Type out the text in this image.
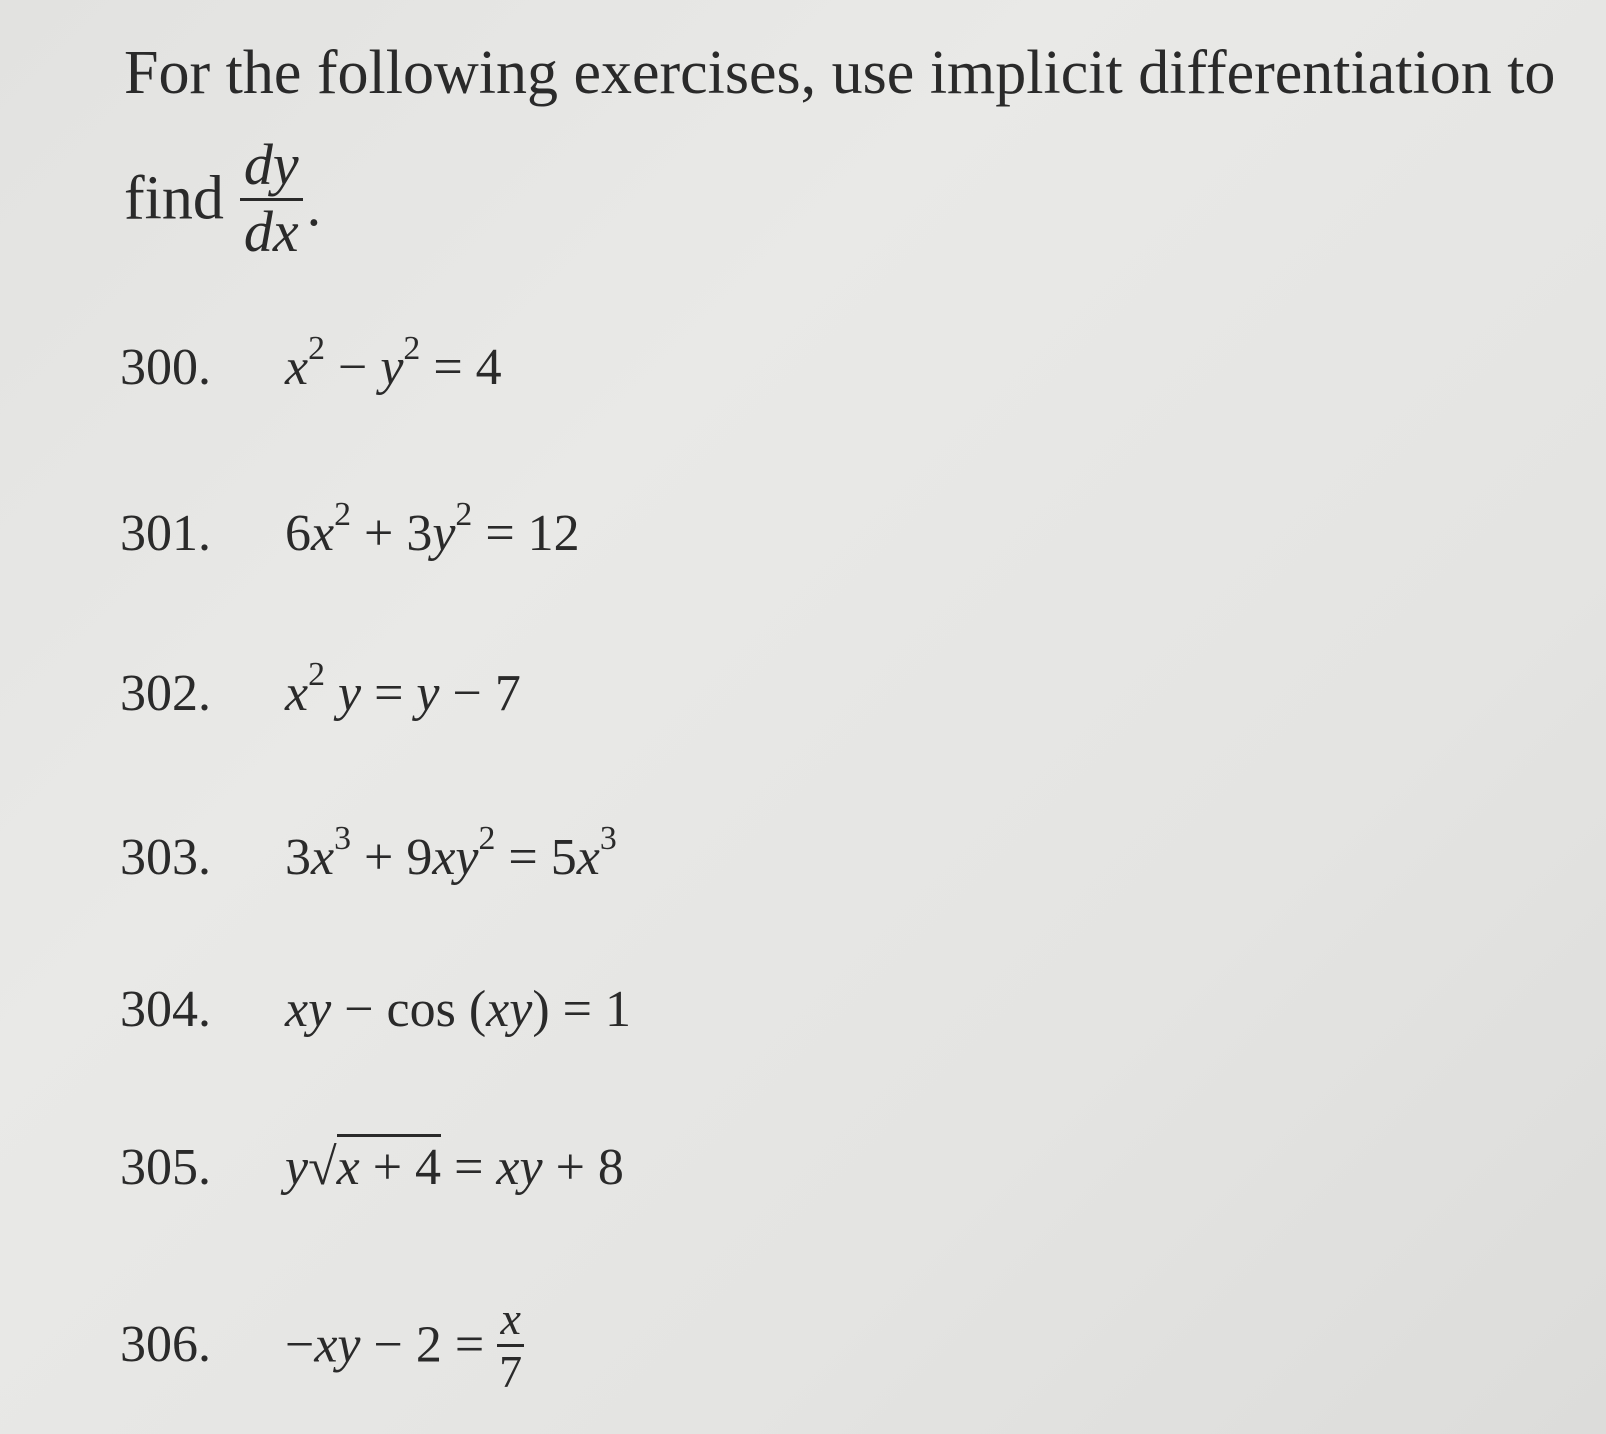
For the following exercises, use implicit differentiation to
find $\frac{dy}{dx}$ .
300. $x^2 - y^2 = 4$
301. $6x^2 + 3y^2 = 12$
302. $x^2$ y = y − 7
303. $3x^3 + 9xy^2 = 5x^3$
304. xy − cos (xy) = 1
305. y√x + 4 = xy + 8
306. $-xy - 2 = \frac{x}{7}$
